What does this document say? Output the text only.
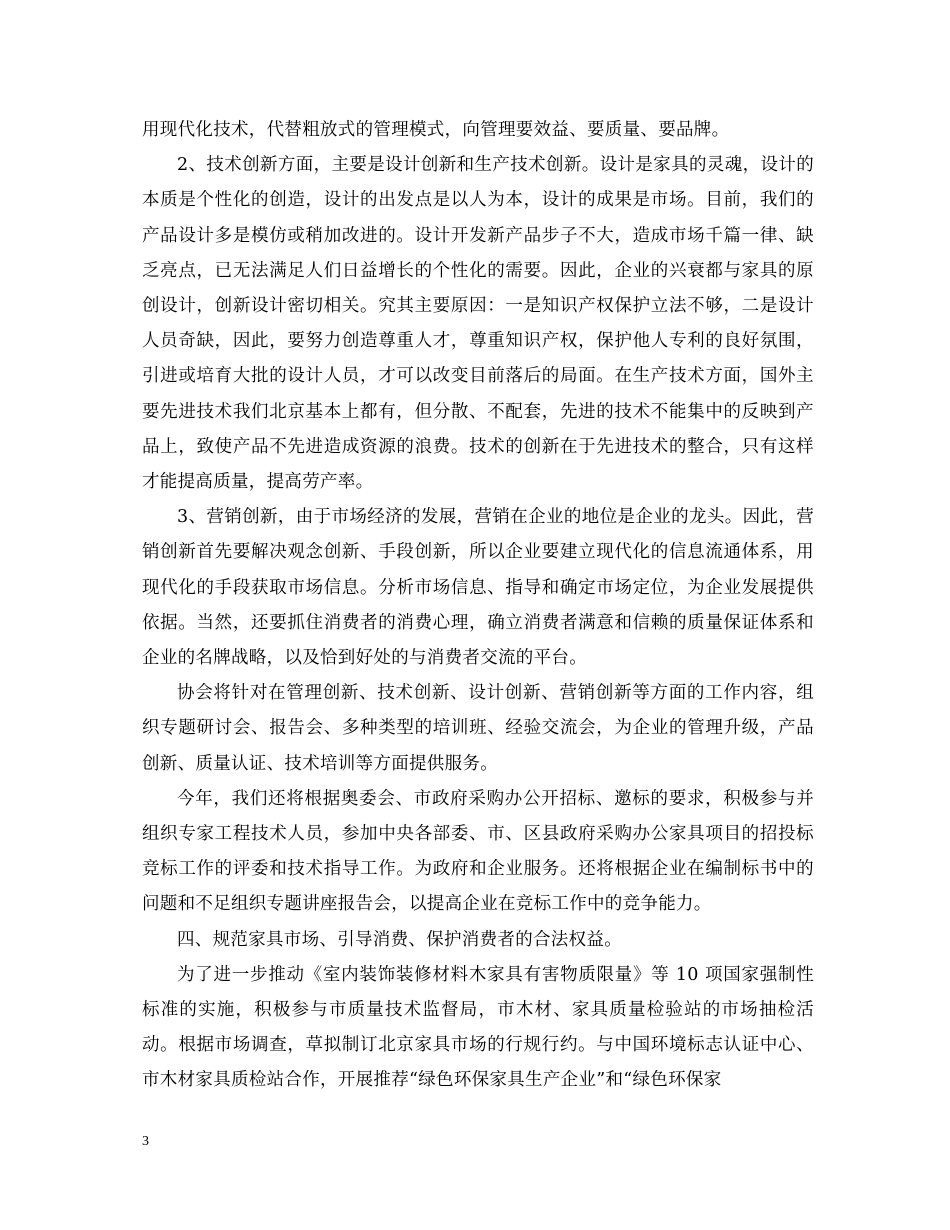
用现代化技术，代替粗放式的管理模式，向管理要效益、要质量、要品牌。

2、技术创新方面，主要是设计创新和生产技术创新。设计是家具的灵魂，设计的本质是个性化的创造，设计的出发点是以人为本，设计的成果是市场。目前，我们的产品设计多是模仿或稍加改进的。设计开发新产品步子不大，造成市场千篇一律、缺乏亮点，已无法满足人们日益增长的个性化的需要。因此，企业的兴衰都与家具的原创设计，创新设计密切相关。究其主要原因：一是知识产权保护立法不够，二是设计人员奇缺，因此，要努力创造尊重人才，尊重知识产权，保护他人专利的良好氛围，引进或培育大批的设计人员，才可以改变目前落后的局面。在生产技术方面，国外主要先进技术我们北京基本上都有，但分散、不配套，先进的技术不能集中的反映到产品上，致使产品不先进造成资源的浪费。技术的创新在于先进技术的整合，只有这样才能提高质量，提高劳产率。

3、营销创新，由于市场经济的发展，营销在企业的地位是企业的龙头。因此，营销创新首先要解决观念创新、手段创新，所以企业要建立现代化的信息流通体系，用现代化的手段获取市场信息。分析市场信息、指导和确定市场定位，为企业发展提供依据。当然，还要抓住消费者的消费心理，确立消费者满意和信赖的质量保证体系和企业的名牌战略，以及恰到好处的与消费者交流的平台。

协会将针对在管理创新、技术创新、设计创新、营销创新等方面的工作内容，组织专题研讨会、报告会、多种类型的培训班、经验交流会，为企业的管理升级，产品创新、质量认证、技术培训等方面提供服务。

今年，我们还将根据奥委会、市政府采购办公开招标、邀标的要求，积极参与并组织专家工程技术人员，参加中央各部委、市、区县政府采购办公家具项目的招投标竞标工作的评委和技术指导工作。为政府和企业服务。还将根据企业在编制标书中的问题和不足组织专题讲座报告会，以提高企业在竞标工作中的竞争能力。

四、规范家具市场、引导消费、保护消费者的合法权益。

为了进一步推动《室内装饰装修材料木家具有害物质限量》等 10 项国家强制性标准的实施，积极参与市质量技术监督局，市木材、家具质量检验站的市场抽检活动。根据市场调查，草拟制订北京家具市场的行规行约。与中国环境标志认证中心、市木材家具质检站合作，开展推荐“绿色环保家具生产企业”和“绿色环保家

3
